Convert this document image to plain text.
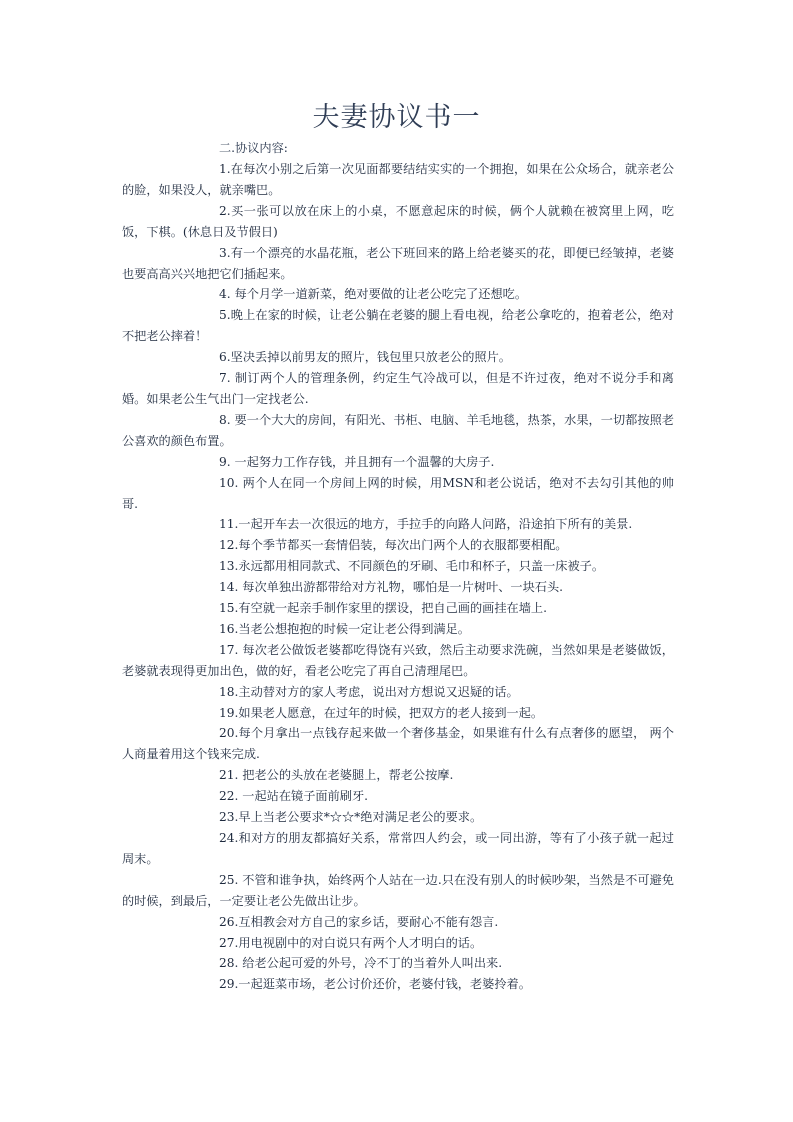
夫妻协议书一

二.协议内容:

1.在每次小别之后第一次见面都要结结实实的一个拥抱，如果在公众场合，就亲老公的脸，如果没人，就亲嘴巴。

2.买一张可以放在床上的小桌，不愿意起床的时候，俩个人就赖在被窝里上网，吃饭，下棋。(休息日及节假日)

3.有一个漂亮的水晶花瓶，老公下班回来的路上给老婆买的花，即便已经皱掉，老婆也要高高兴兴地把它们插起来。

4. 每个月学一道新菜，绝对要做的让老公吃完了还想吃。

5.晚上在家的时候，让老公躺在老婆的腿上看电视，给老公拿吃的，抱着老公，绝对不把老公摔着！

6.坚决丢掉以前男友的照片，钱包里只放老公的照片。

7. 制订两个人的管理条例，约定生气冷战可以，但是不许过夜，绝对不说分手和离婚。如果老公生气出门一定找老公.

8. 要一个大大的房间，有阳光、书柜、电脑、羊毛地毯，热茶，水果，一切都按照老公喜欢的颜色布置。

9. 一起努力工作存钱，并且拥有一个温馨的大房子.

10. 两个人在同一个房间上网的时候，用MSN和老公说话，绝对不去勾引其他的帅哥.

11.一起开车去一次很远的地方，手拉手的向路人问路，沿途拍下所有的美景.

12.每个季节都买一套情侣装，每次出门两个人的衣服都要相配。

13.永远都用相同款式、不同颜色的牙刷、毛巾和杯子，只盖一床被子。

14. 每次单独出游都带给对方礼物，哪怕是一片树叶、一块石头.

15.有空就一起亲手制作家里的摆设，把自己画的画挂在墙上.

16.当老公想抱抱的时候一定让老公得到满足。

17. 每次老公做饭老婆都吃得饶有兴致，然后主动要求洗碗，当然如果是老婆做饭，老婆就表现得更加出色，做的好，看老公吃完了再自己清理尾巴。

18.主动替对方的家人考虑，说出对方想说又迟疑的话。

19.如果老人愿意，在过年的时候，把双方的老人接到一起。

20.每个月拿出一点钱存起来做一个奢侈基金，如果谁有什么有点奢侈的愿望， 两个人商量着用这个钱来完成.

21. 把老公的头放在老婆腿上，帮老公按摩.

22. 一起站在镜子面前刷牙.

23.早上当老公要求*☆☆*绝对满足老公的要求。

24.和对方的朋友都搞好关系，常常四人约会，或一同出游，等有了小孩子就一起过周末。

25. 不管和谁争执，始终两个人站在一边.只在没有别人的时候吵架，当然是不可避免的时候，到最后，一定要让老公先做出让步。

26.互相教会对方自己的家乡话，要耐心不能有怨言.

27.用电视剧中的对白说只有两个人才明白的话。

28. 给老公起可爱的外号，冷不丁的当着外人叫出来.

29.一起逛菜市场，老公讨价还价，老婆付钱，老婆拎着。
